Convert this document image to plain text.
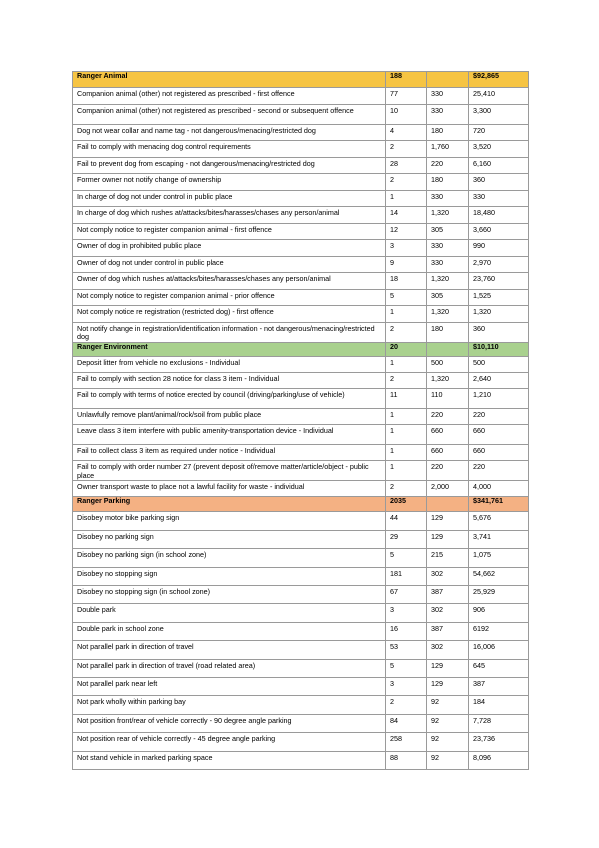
Ranger Animal	188		$92,865
Companion animal (other) not registered as prescribed - first offence	77	330	25,410
Companion animal (other) not registered as prescribed - second or subsequent offence	10	330	3,300
Dog not wear collar and name tag - not dangerous/menacing/restricted dog	4	180	720
Fail to comply with menacing dog control requirements	2	1,760	3,520
Fail to prevent dog from escaping - not dangerous/menacing/restricted dog	28	220	6,160
Former owner not notify change of ownership	2	180	360
In charge of dog not under control in public place	1	330	330
In charge of dog which rushes at/attacks/bites/harasses/chases any person/animal	14	1,320	18,480
Not comply notice to register companion animal - first offence	12	305	3,660
Owner of dog in prohibited public place	3	330	990
Owner of dog not under control in public place	9	330	2,970
Owner of dog which rushes at/attacks/bites/harasses/chases any person/animal	18	1,320	23,760
Not comply notice to register companion animal - prior offence	5	305	1,525
Not comply notice re registration (restricted dog) - first offence	1	1,320	1,320
Not notify change in registration/identification information - not dangerous/menacing/restricted dog	2	180	360
Ranger Environment	20		$10,110
Deposit litter from vehicle no exclusions - Individual	1	500	500
Fail to comply with section 28 notice for class 3 item - Individual	2	1,320	2,640
Fail to comply with terms of notice erected by council (driving/parking/use of vehicle)	11	110	1,210
Unlawfully remove plant/animal/rock/soil from public place	1	220	220
Leave class 3 item interfere with public amenity-transportation device - Individual	1	660	660
Fail to collect class 3 item as required under notice - Individual	1	660	660
Fail to comply with order number 27 (prevent deposit of/remove matter/article/object - public place	1	220	220
Owner transport waste to place not a lawful facility for waste - individual	2	2,000	4,000
Ranger Parking	2035		$341,761
Disobey motor bike parking sign	44	129	5,676
Disobey no parking sign	29	129	3,741
Disobey no parking sign (in school zone)	5	215	1,075
Disobey no stopping sign	181	302	54,662
Disobey no stopping sign (in school zone)	67	387	25,929
Double park	3	302	906
Double park in school zone	16	387	6192
Not parallel park in direction of travel	53	302	16,006
Not parallel park in direction of travel (road related area)	5	129	645
Not parallel park near left	3	129	387
Not park wholly within parking bay	2	92	184
Not position front/rear of vehicle correctly - 90 degree angle parking	84	92	7,728
Not position rear of vehicle correctly - 45 degree angle parking	258	92	23,736
Not stand vehicle in marked parking space	88	92	8,096
